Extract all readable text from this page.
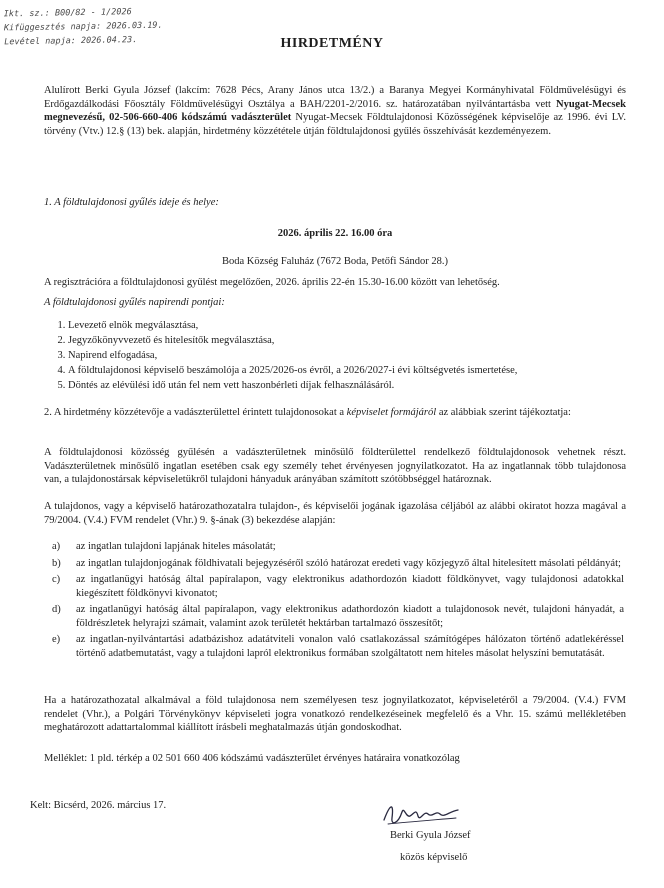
Ikt. sz.: B00/82 - 1/2026
Kifüggesztés napja: 2026.03.19.
Levétel napja: 2026.04.23.	HIRDETMÉNY
Alulírott Berki Gyula József (lakcím: 7628 Pécs, Arany János utca 13/2.) a Baranya Megyei Kormányhivatal Földművelésügyi és Erdőgazdálkodási Főosztály Földművelésügyi Osztálya a BAH/2201-2/2016. sz. határozatában nyilvántartásba vett Nyugat-Mecsek megnevezésű, 02-506-660-406 kódszámú vadászterület Nyugat-Mecsek Földtulajdonosi Közösségének képviselője az 1996. évi LV. törvény (Vtv.) 12.§ (13) bek. alapján, hirdetmény közzététele útján földtulajdonosi gyűlés összehívását kezdeményezem.
1. A földtulajdonosi gyűlés ideje és helye:
2026. április 22. 16.00 óra
Boda Község Faluház (7672 Boda, Petőfi Sándor 28.)
A regisztrációra a földtulajdonosi gyűlést megelőzően, 2026. április 22-én 15.30-16.00 között van lehetőség.
A földtulajdonosi gyűlés napirendi pontjai:
1. Levezető elnök megválasztása,
2. Jegyzőkönyvvezető és hitelesítők megválasztása,
3. Napirend elfogadása,
4. A földtulajdonosi képviselő beszámolója a 2025/2026-os évről, a 2026/2027-i évi költségvetés ismertetése,
5. Döntés az elévülési idő után fel nem vett haszonbérleti díjak felhasználásáról.
2. A hirdetmény közzétevője a vadászterülettel érintett tulajdonosokat a képviselet formájáról az alábbiak szerint tájékoztatja:
A földtulajdonosi közösség gyűlésén a vadászterületnek minősülő földterülettel rendelkező földtulajdonosok vehetnek részt. Vadászterületnek minősülő ingatlan esetében csak egy személy tehet érvényesen jognyilatkozatot. Ha az ingatlannak több tulajdonosa van, a tulajdonostársak képviseletükről tulajdoni hányaduk arányában számított szótöbbséggel határoznak.
A tulajdonos, vagy a képviselő határozathozatalra tulajdon-, és képviselői jogának igazolása céljából az alábbi okiratot hozza magával a 79/2004. (V.4.) FVM rendelet (Vhr.) 9. §-ának (3) bekezdése alapján:
a) az ingatlan tulajdoni lapjának hiteles másolatát;
b) az ingatlan tulajdonjogának földhivatali bejegyzéséről szóló határozat eredeti vagy közjegyző által hitelesített másolati példányát;
c) az ingatlanügyi hatóság által papíralapon, vagy elektronikus adathordozón kiadott földkönyvet, vagy tulajdonosi adatokkal kiegészített földkönyvi kivonatot;
d) az ingatlanügyi hatóság által papíralapon, vagy elektronikus adathordozón kiadott a tulajdonosok nevét, tulajdoni hányadát, a földrészletek helyrajzi számait, valamint azok területét hektárban tartalmazó összesítőt;
e) az ingatlan-nyilvántartási adatbázishoz adatátviteli vonalon való csatlakozással számítógépes hálózaton történő adatlekéréssel történő adatbemutatást, vagy a tulajdoni lapról elektronikus formában szolgáltatott nem hiteles másolat helyszíni bemutatását.
Ha a határozathozatal alkalmával a föld tulajdonosa nem személyesen tesz jognyilatkozatot, képviseletéről a 79/2004. (V.4.) FVM rendelet (Vhr.), a Polgári Törvénykönyv képviseleti jogra vonatkozó rendelkezéseinek megfelelő és a Vhr. 15. számú mellékletében meghatározott adattartalommal kiállított írásbeli meghatalmazás útján gondoskodhat.
Melléklet: 1 pld. térkép a 02 501 660 406 kódszámú vadászterület érvényes határaira vonatkozólag
Kelt: Bicsérd, 2026. március 17.
Berki Gyula József
közös képviselő
